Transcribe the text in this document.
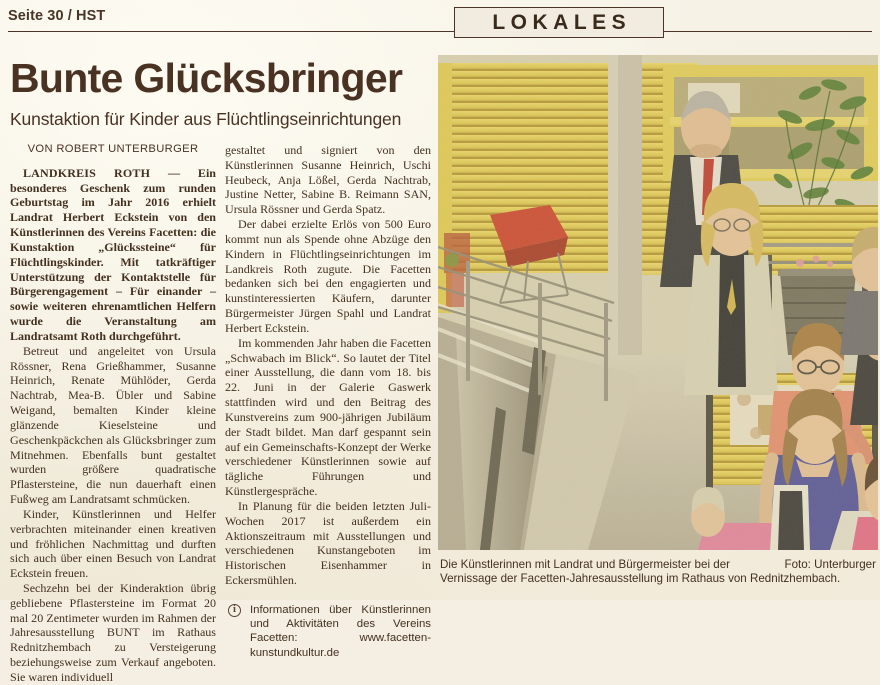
Seite 30 / HST	LOKALES
Bunte Glücksbringer
Kunstaktion für Kinder aus Flüchtlingseinrichtungen
VON ROBERT UNTERBURGER

LANDKREIS ROTH — Ein besonderes Geschenk zum runden Geburtstag im Jahr 2016 erhielt Landrat Herbert Eckstein von den Künstlerinnen des Vereins Facetten: die Kunstaktion „Glückssteine“ für Flüchtlingskinder. Mit tatkräftiger Unterstützung der Kontaktstelle für Bürgerengagement – Für einander – sowie weiteren ehrenamtlichen Helfern wurde die Veranstaltung am Landratsamt Roth durchgeführt.

Betreut und angeleitet von Ursula Rössner, Rena Grießhammer, Susanne Heinrich, Renate Mühlöder, Gerda Nachtrab, Mea-B. Übler und Sabine Weigand, bemalten Kinder kleine glänzende Kieselsteine und Geschenkpäckchen als Glücksbringer zum Mitnehmen. Ebenfalls bunt gestaltet wurden größere quadratische Pflastersteine, die nun dauerhaft einen Fußweg am Landratsamt schmücken.

Kinder, Künstlerinnen und Helfer verbrachten miteinander einen kreativen und fröhlichen Nachmittag und durften sich auch über einen Besuch von Landrat Eckstein freuen.

Sechzehn bei der Kinderaktion übrig gebliebene Pflastersteine im Format 20 mal 20 Zentimeter wurden im Rahmen der Jahresausstellung BUNT im Rathaus Rednitzhembach zu Versteigerung beziehungsweise zum Verkauf angeboten. Sie waren individuell

gestaltet und signiert von den Künstlerinnen Susanne Heinrich, Uschi Heubeck, Anja Lößel, Gerda Nachtrab, Justine Netter, Sabine B. Reimann SAN, Ursula Rössner und Gerda Spatz.

Der dabei erzielte Erlös von 500 Euro kommt nun als Spende ohne Abzüge den Kindern in Flüchtlingseinrichtungen im Landkreis Roth zugute. Die Facetten bedanken sich bei den engagierten und kunstinteressierten Käufern, darunter Bürgermeister Jürgen Spahl und Landrat Herbert Eckstein.

Im kommenden Jahr haben die Facetten „Schwabach im Blick“. So lautet der Titel einer Ausstellung, die dann vom 18. bis 22. Juni in der Galerie Gaswerk stattfinden wird und den Beitrag des Kunstvereins zum 900-jährigen Jubiläum der Stadt bildet. Man darf gespannt sein auf ein Gemeinschafts-Konzept der Werke verschiedener Künstlerinnen sowie auf tägliche Führungen und Künstlergespräche.

In Planung für die beiden letzten Juli-Wochen 2017 ist außerdem ein Aktionszeitraum mit Ausstellungen und verschiedenen Kunstangeboten im Historischen Eisenhammer in Eckersmühlen.

i	Informationen über Künstlerinnen und Aktivitäten des Vereins Facetten: www.facetten-kunstundkultur.de
Foto: Unterburger
Die Künstlerinnen mit Landrat und Bürgermeister bei der Vernissage der Facetten-Jahresausstellung im Rathaus von Rednitzhembach.
